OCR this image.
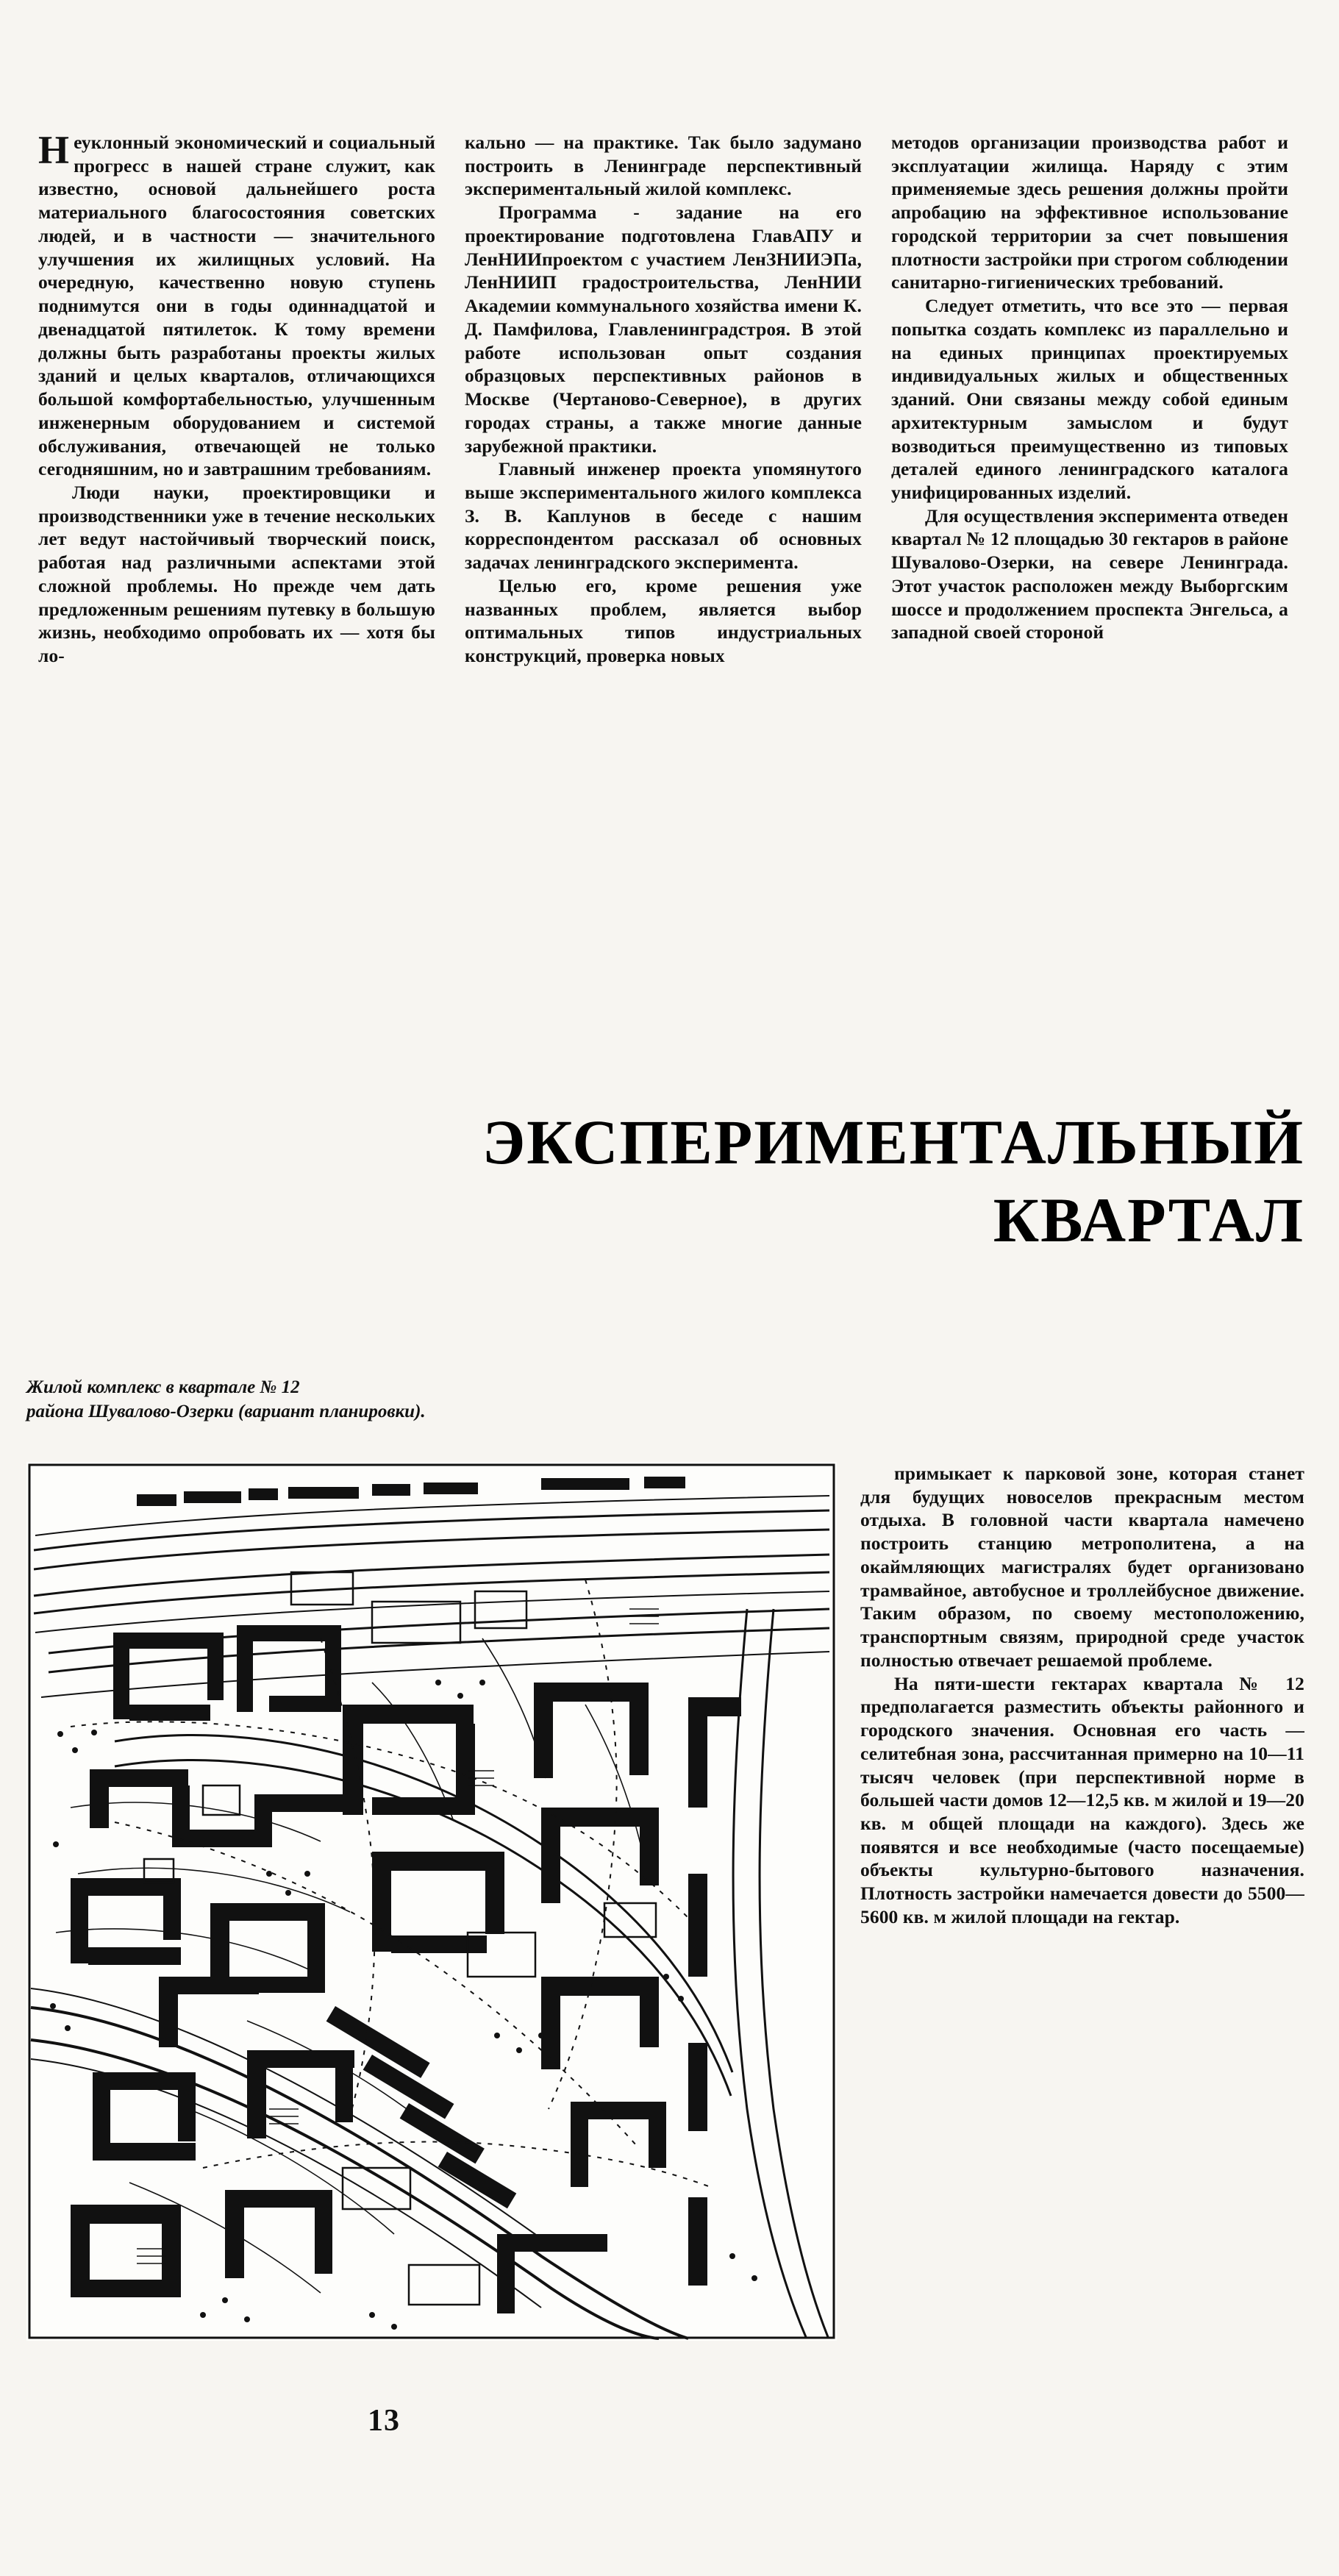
Неуклонный экономический и социальный прогресс в нашей стране служит, как известно, основой дальнейшего роста материального благосостояния советских людей, и в частности — значительного улучшения их жилищных условий. На очередную, качественно новую ступень поднимутся они в годы одиннадцатой и двенадцатой пятилеток. К тому времени должны быть разработаны проекты жилых зданий и целых кварталов, отличающихся большой комфортабельностью, улучшенным инженерным оборудованием и системой обслуживания, отвечающей не только сегодняшним, но и завтрашним требованиям.

Люди науки, проектировщики и производственники уже в течение нескольких лет ведут настойчивый творческий поиск, работая над различными аспектами этой сложной проблемы. Но прежде чем дать предложенным решениям путевку в большую жизнь, необходимо опробовать их — хотя бы ло-

кально — на практике. Так было задумано построить в Ленинграде перспективный экспериментальный жилой комплекс.

Программа - задание на его проектирование подготовлена ГлавАПУ и ЛенНИИпроектом с участием ЛенЗНИИЭПа, ЛенНИИП градостроительства, ЛенНИИ Академии коммунального хозяйства имени К. Д. Памфилова, Главленинградстроя. В этой работе использован опыт создания образцовых перспективных районов в Москве (Чертаново-Северное), в других городах страны, а также многие данные зарубежной практики.

Главный инженер проекта упомянутого выше экспериментального жилого комплекса З. В. Каплунов в беседе с нашим корреспондентом рассказал об основных задачах ленинградского эксперимента.

Целью его, кроме решения уже названных проблем, является выбор оптимальных типов индустриальных конструкций, проверка новых

методов организации производства работ и эксплуатации жилища. Наряду с этим применяемые здесь решения должны пройти апробацию на эффективное использование городской территории за счет повышения плотности застройки при строгом соблюдении санитарно-гигиенических требований.

Следует отметить, что все это — первая попытка создать комплекс из параллельно и на единых принципах проектируемых индивидуальных жилых и общественных зданий. Они связаны между собой единым архитектурным замыслом и будут возводиться преимущественно из типовых деталей единого ленинградского каталога унифицированных изделий.

Для осуществления эксперимента отведен квартал № 12 площадью 30 гектаров в районе Шувалово-Озерки, на севере Ленинграда. Этот участок расположен между Выборгским шоссе и продолжением проспекта Энгельса, а западной своей стороной

ЭКСПЕРИМЕНТАЛЬНЫЙ
КВАРТАЛ
Жилой комплекс в квартале № 12
района Шувалово-Озерки (вариант планировки).

примыкает к парковой зоне, которая станет для будущих новоселов прекрасным местом отдыха. В головной части квартала намечено построить станцию метрополитена, а на окаймляющих магистралях будет организовано трамвайное, автобусное и троллейбусное движение. Таким образом, по своему местоположению, транспортным связям, природной среде участок полностью отвечает решаемой проблеме.

На пяти-шести гектарах квартала № 12 предполагается разместить объекты районного и городского значения. Основная его часть — селитебная зона, рассчитанная примерно на 10—11 тысяч человек (при перспективной норме в большей части домов 12—12,5 кв. м жилой и 19—20 кв. м общей площади на каждого). Здесь же появятся и все необходимые (часто посещаемые) объекты культурно-бытового назначения. Плотность застройки намечается довести до 5500—5600 кв. м жилой площади на гектар.

13
